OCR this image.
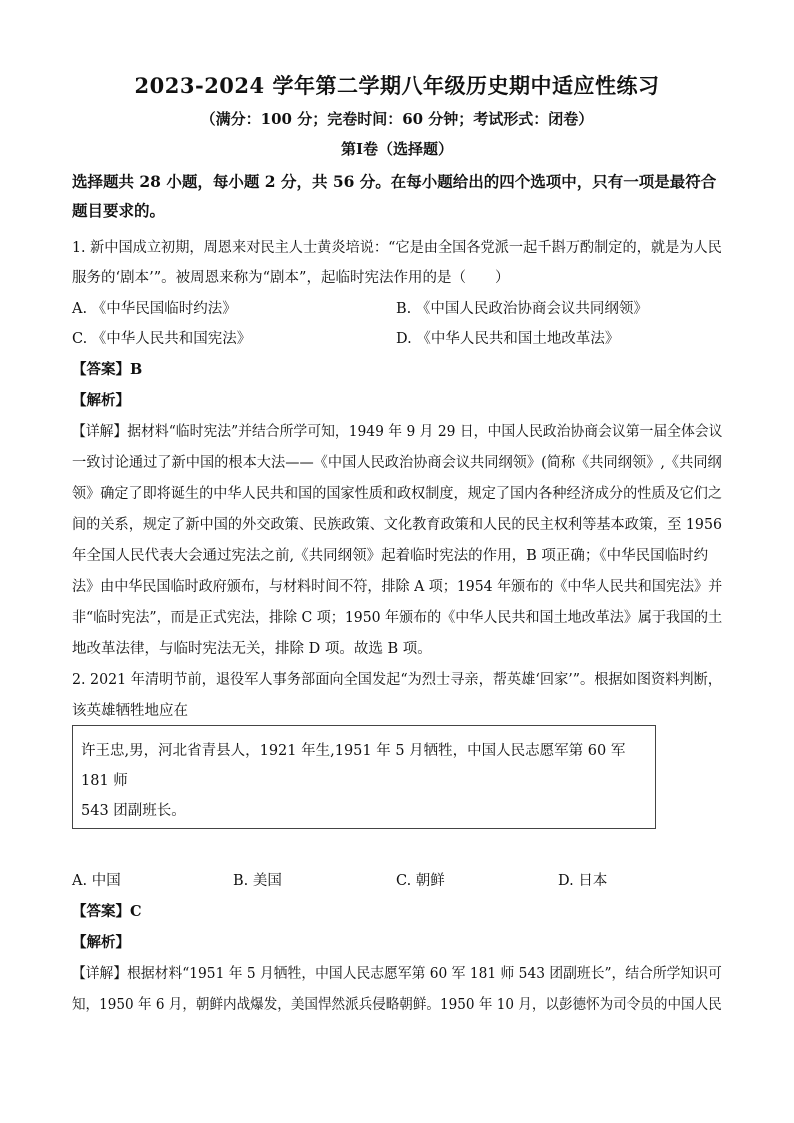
2023-2024 学年第二学期八年级历史期中适应性练习
（满分：100 分；完卷时间：60 分钟；考试形式：闭卷）
第Ⅰ卷（选择题）
选择题共 28 小题，每小题 2 分，共 56 分。在每小题给出的四个选项中，只有一项是最符合题目要求的。
1. 新中国成立初期，周恩来对民主人士黄炎培说：“它是由全国各党派一起千斟万酌制定的，就是为人民
服务的‘剧本’”。被周恩来称为“剧本”，起临时宪法作用的是（　　）
A. 《中华民国临时约法》	B. 《中国人民政治协商会议共同纲领》
C. 《中华人民共和国宪法》	D. 《中华人民共和国土地改革法》
【答案】B
【解析】
【详解】据材料“临时宪法”并结合所学可知，1949 年 9 月 29 日，中国人民政治协商会议第一届全体会议
一致讨论通过了新中国的根本大法——《中国人民政治协商会议共同纲领》(简称《共同纲领》,《共同纲
领》确定了即将诞生的中华人民共和国的国家性质和政权制度，规定了国内各种经济成分的性质及它们之
间的关系，规定了新中国的外交政策、民族政策、文化教育政策和人民的民主权利等基本政策，至 1956
年全国人民代表大会通过宪法之前,《共同纲领》起着临时宪法的作用，B 项正确；《中华民国临时约
法》由中华民国临时政府颁布，与材料时间不符，排除 A 项；1954 年颁布的《中华人民共和国宪法》并
非“临时宪法”，而是正式宪法，排除 C 项；1950 年颁布的《中华人民共和国土地改革法》属于我国的土
地改革法律，与临时宪法无关，排除 D 项。故选 B 项。
2. 2021 年清明节前，退役军人事务部面向全国发起“为烈士寻亲，帮英雄‘回家’”。根据如图资料判断，
该英雄牺牲地应在
许王忠,男，河北省青县人，1921 年生,1951 年 5 月牺牲，中国人民志愿军第 60 军 181 师
543 团副班长。
A. 中国	B. 美国	C. 朝鲜	D. 日本
【答案】C
【解析】
【详解】根据材料“1951 年 5 月牺牲，中国人民志愿军第 60 军 181 师 543 团副班长”，结合所学知识可
知，1950 年 6 月，朝鲜内战爆发，美国悍然派兵侵略朝鲜。1950 年 10 月，以彭德怀为司令员的中国人民
